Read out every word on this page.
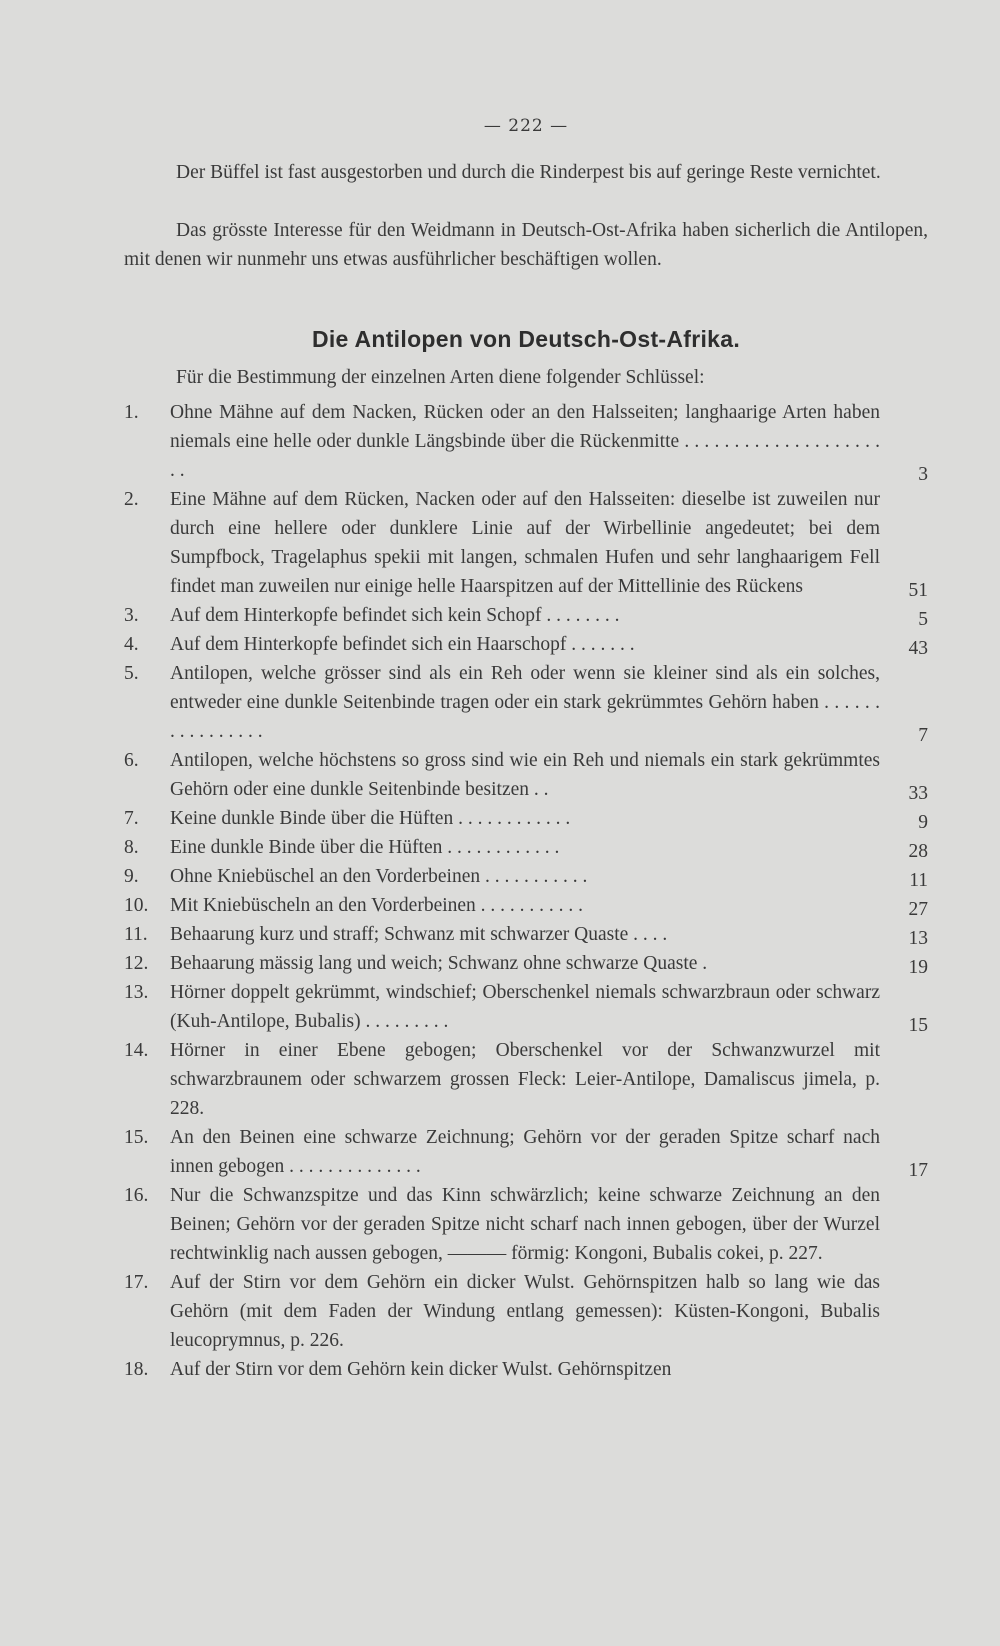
— 222 —
Der Büffel ist fast ausgestorben und durch die Rinderpest bis auf geringe Reste vernichtet.
Das grösste Interesse für den Weidmann in Deutsch-Ost-Afrika haben sicherlich die Antilopen, mit denen wir nunmehr uns etwas ausführlicher beschäftigen wollen.
Die Antilopen von Deutsch-Ost-Afrika.
Für die Bestimmung der einzelnen Arten diene folgender Schlüssel:
1.	Ohne Mähne auf dem Nacken, Rücken oder an den Halsseiten; langhaarige Arten haben niemals eine helle oder dunkle Längsbinde über die Rückenmitte . . . . . . . . . . . . . . . . . . . . . .	3
2.	Eine Mähne auf dem Rücken, Nacken oder auf den Halsseiten: dieselbe ist zuweilen nur durch eine hellere oder dunklere Linie auf der Wirbellinie angedeutet; bei dem Sumpfbock, Tragelaphus spekii mit langen, schmalen Hufen und sehr langhaarigem Fell findet man zuweilen nur einige helle Haarspitzen auf der Mittellinie des Rückens	51
3.	Auf dem Hinterkopfe befindet sich kein Schopf . . . . . . . .	5
4.	Auf dem Hinterkopfe befindet sich ein Haarschopf . . . . . . .	43
5.	Antilopen, welche grösser sind als ein Reh oder wenn sie kleiner sind als ein solches, entweder eine dunkle Seitenbinde tragen oder ein stark gekrümmtes Gehörn haben . . . . . . . . . . . . . . . .	7
6.	Antilopen, welche höchstens so gross sind wie ein Reh und niemals ein stark gekrümmtes Gehörn oder eine dunkle Seitenbinde besitzen . .	33
7.	Keine dunkle Binde über die Hüften . . . . . . . . . . . .	9
8.	Eine dunkle Binde über die Hüften . . . . . . . . . . . .	28
9.	Ohne Kniebüschel an den Vorderbeinen . . . . . . . . . . .	11
10.	Mit Kniebüscheln an den Vorderbeinen . . . . . . . . . . .	27
11.	Behaarung kurz und straff; Schwanz mit schwarzer Quaste . . . .	13
12.	Behaarung mässig lang und weich; Schwanz ohne schwarze Quaste .	19
13.	Hörner doppelt gekrümmt, windschief; Oberschenkel niemals schwarzbraun oder schwarz (Kuh-Antilope, Bubalis) . . . . . . . . .	15
14.	Hörner in einer Ebene gebogen; Oberschenkel vor der Schwanzwurzel mit schwarzbraunem oder schwarzem grossen Fleck: Leier-Antilope, Damaliscus jimela, p. 228.
15.	An den Beinen eine schwarze Zeichnung; Gehörn vor der geraden Spitze scharf nach innen gebogen . . . . . . . . . . . . . .	17
16.	Nur die Schwanzspitze und das Kinn schwärzlich; keine schwarze Zeichnung an den Beinen; Gehörn vor der geraden Spitze nicht scharf nach innen gebogen, über der Wurzel rechtwinklig nach aussen gebogen, ——— förmig: Kongoni, Bubalis cokei, p. 227.
17.	Auf der Stirn vor dem Gehörn ein dicker Wulst. Gehörnspitzen halb so lang wie das Gehörn (mit dem Faden der Windung entlang gemessen): Küsten-Kongoni, Bubalis leucoprymnus, p. 226.
18.	Auf der Stirn vor dem Gehörn kein dicker Wulst. Gehörnspitzen
